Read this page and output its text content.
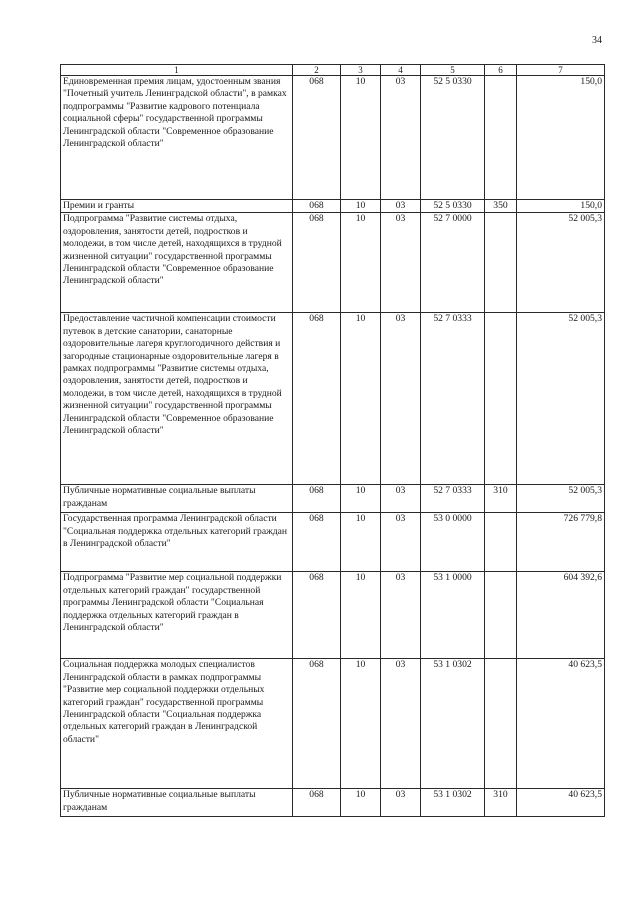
34
1	2	3	4	5	6	7
Единовременная премия лицам, удостоенным звания "Почетный учитель Ленинградской области", в рамках подпрограммы "Развитие кадрового потенциала социальной сферы" государственной программы Ленинградской области "Современное образование Ленинградской области"	068	10	03	52 5 0330		150,0
Премии и гранты	068	10	03	52 5 0330	350	150,0
Подпрограмма "Развитие системы отдыха, оздоровления, занятости детей, подростков и молодежи, в том числе детей, находящихся в трудной жизненной ситуации" государственной программы Ленинградской области "Современное образование Ленинградской области"	068	10	03	52 7 0000		52 005,3
Предоставление частичной компенсации стоимости путевок в детские санатории, санаторные оздоровительные лагеря круглогодичного действия и загородные стационарные оздоровительные лагеря в рамках подпрограммы "Развитие системы отдыха, оздоровления, занятости детей, подростков и молодежи, в том числе детей, находящихся в трудной жизненной ситуации" государственной программы Ленинградской области "Современное образование Ленинградской области"	068	10	03	52 7 0333		52 005,3
Публичные нормативные социальные выплаты гражданам	068	10	03	52 7 0333	310	52 005,3
Государственная программа Ленинградской области "Социальная поддержка отдельных категорий граждан в Ленинградской области"	068	10	03	53 0 0000		726 779,8
Подпрограмма "Развитие мер социальной поддержки отдельных категорий граждан" государственной программы Ленинградской области "Социальная поддержка отдельных категорий граждан в Ленинградской области"	068	10	03	53 1 0000		604 392,6
Социальная поддержка молодых специалистов Ленинградской области в рамках подпрограммы "Развитие мер социальной поддержки отдельных категорий граждан" государственной программы Ленинградской области "Социальная поддержка отдельных категорий граждан в Ленинградской области"	068	10	03	53 1 0302		40 623,5
Публичные нормативные социальные выплаты гражданам	068	10	03	53 1 0302	310	40 623,5
